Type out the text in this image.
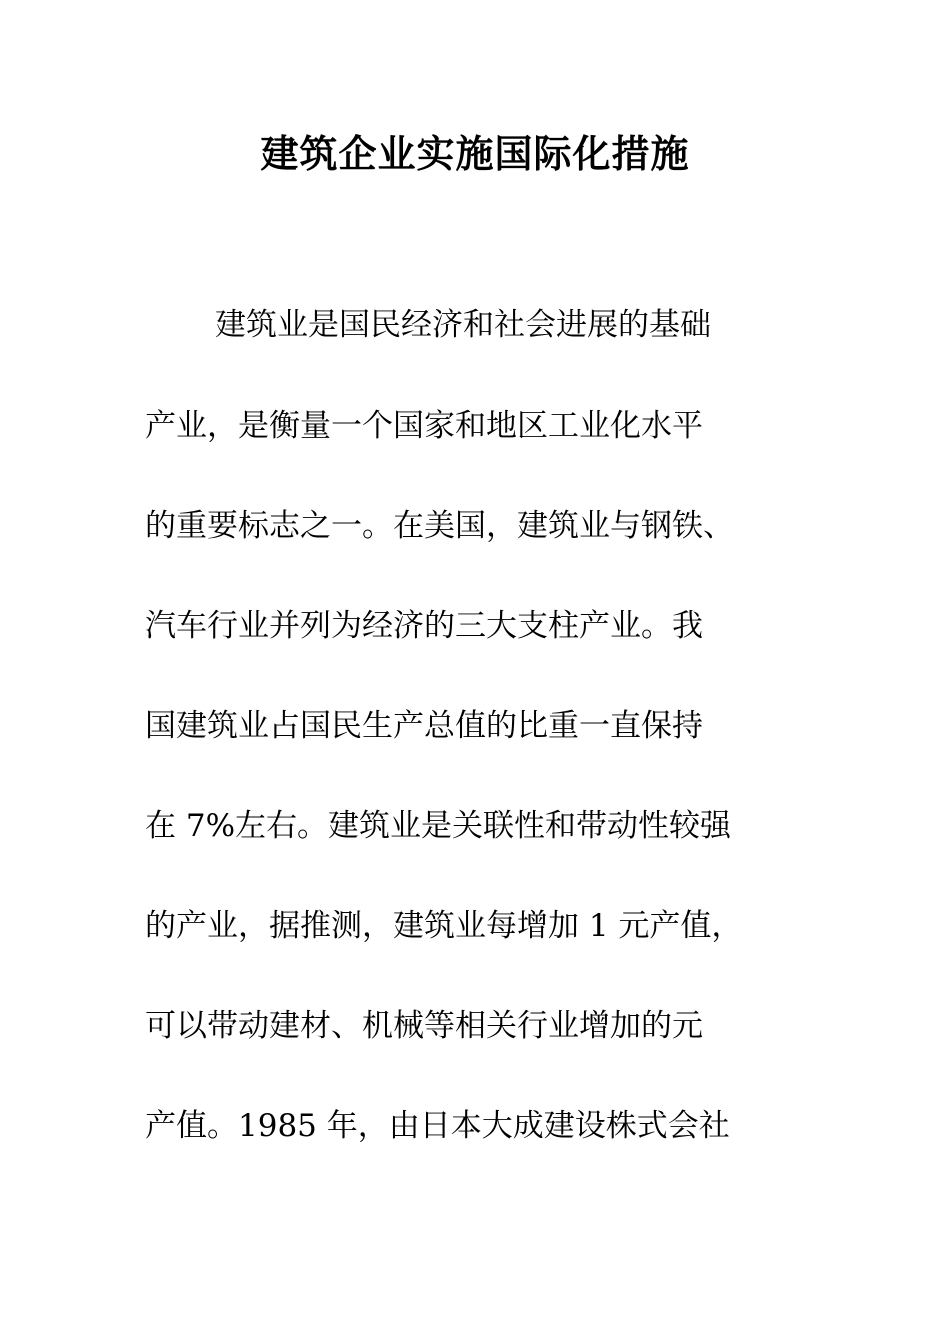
建筑企业实施国际化措施
建筑业是国民经济和社会进展的基础
产业，是衡量一个国家和地区工业化水平
的重要标志之一。在美国，建筑业与钢铁、
汽车行业并列为经济的三大支柱产业。我
国建筑业占国民生产总值的比重一直保持
在 7%左右。建筑业是关联性和带动性较强
的产业，据推测，建筑业每增加 1 元产值，
可以带动建材、机械等相关行业增加的元
产值。1985 年，由日本大成建设株式会社
